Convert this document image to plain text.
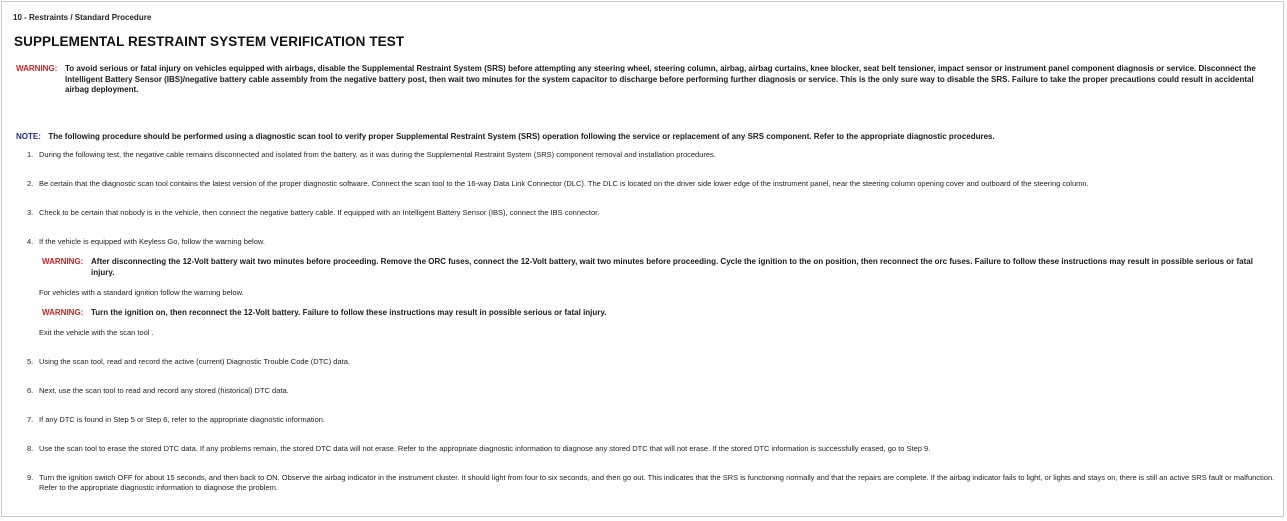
10 - Restraints / Standard Procedure
SUPPLEMENTAL RESTRAINT SYSTEM VERIFICATION TEST
WARNING: To avoid serious or fatal injury on vehicles equipped with airbags, disable the Supplemental Restraint System (SRS) before attempting any steering wheel, steering column, airbag, airbag curtains, knee blocker, seat belt tensioner, impact sensor or instrument panel component diagnosis or service. Disconnect the Intelligent Battery Sensor (IBS)/negative battery cable assembly from the negative battery post, then wait two minutes for the system capacitor to discharge before performing further diagnosis or service. This is the only sure way to disable the SRS. Failure to take the proper precautions could result in accidental airbag deployment.
NOTE: The following procedure should be performed using a diagnostic scan tool to verify proper Supplemental Restraint System (SRS) operation following the service or replacement of any SRS component. Refer to the appropriate diagnostic procedures.
1. During the following test, the negative cable remains disconnected and isolated from the battery, as it was during the Supplemental Restraint System (SRS) component removal and installation procedures.
2. Be certain that the diagnostic scan tool contains the latest version of the proper diagnostic software. Connect the scan tool to the 16-way Data Link Connector (DLC). The DLC is located on the driver side lower edge of the instrument panel, near the steering column opening cover and outboard of the steering column.
3. Check to be certain that nobody is in the vehicle, then connect the negative battery cable. If equipped with an Intelligent Battery Sensor (IBS), connect the IBS connector.
4. If the vehicle is equipped with Keyless Go, follow the warning below.
WARNING: After disconnecting the 12-Volt battery wait two minutes before proceeding. Remove the ORC fuses, connect the 12-Volt battery, wait two minutes before proceeding. Cycle the ignition to the on position, then reconnect the orc fuses. Failure to follow these instructions may result in possible serious or fatal injury.
For vehicles with a standard ignition follow the warning below.
WARNING: Turn the ignition on, then reconnect the 12-Volt battery. Failure to follow these instructions may result in possible serious or fatal injury.
Exit the vehicle with the scan tool .
5. Using the scan tool, read and record the active (current) Diagnostic Trouble Code (DTC) data.
6. Next, use the scan tool to read and record any stored (historical) DTC data.
7. If any DTC is found in Step 5 or Step 6, refer to the appropriate diagnostic information.
8. Use the scan tool to erase the stored DTC data. If any problems remain, the stored DTC data will not erase. Refer to the appropriate diagnostic information to diagnose any stored DTC that will not erase. If the stored DTC information is successfully erased, go to Step 9.
9. Turn the ignition switch OFF for about 15 seconds, and then back to ON. Observe the airbag indicator in the instrument cluster. It should light from four to six seconds, and then go out. This indicates that the SRS is functioning normally and that the repairs are complete. If the airbag indicator fails to light, or lights and stays on, there is still an active SRS fault or malfunction. Refer to the appropriate diagnostic information to diagnose the problem.
